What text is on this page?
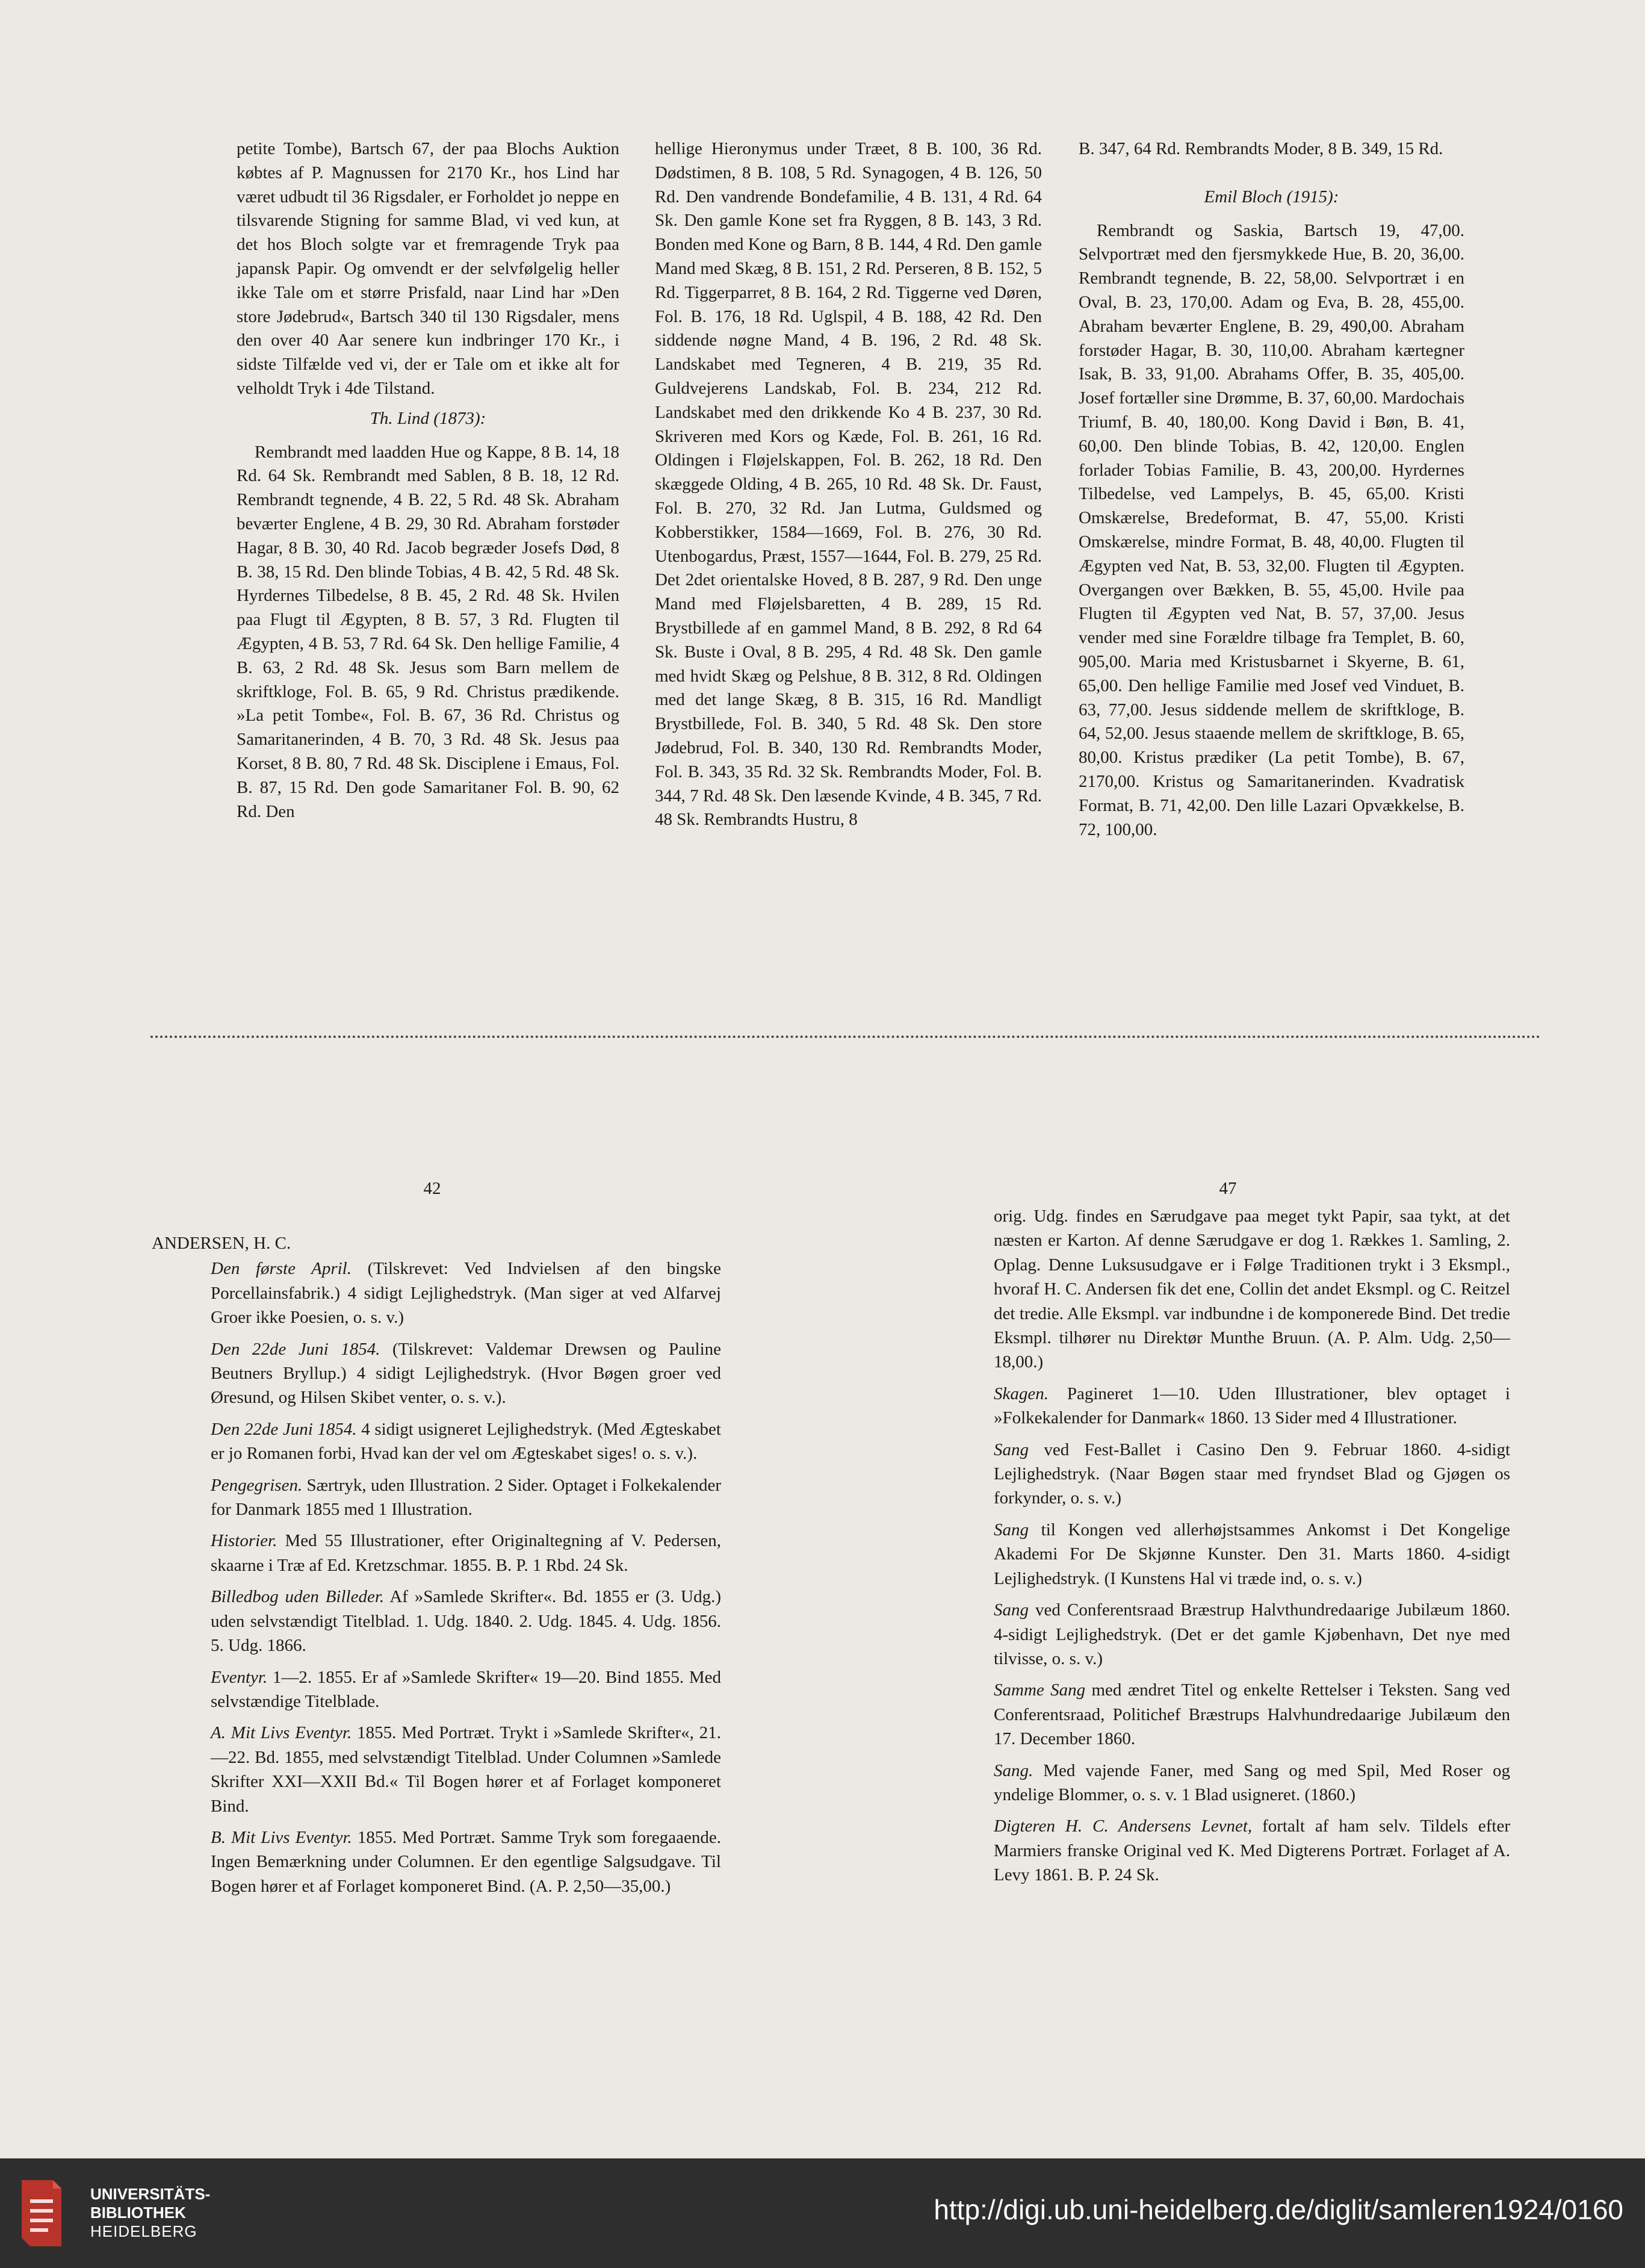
petite Tombe), Bartsch 67, der paa Blochs Auktion købtes af P. Magnussen for 2170 Kr., hos Lind har været udbudt til 36 Rigsdaler, er Forholdet jo neppe en tilsvarende Stigning for samme Blad, vi ved kun, at det hos Bloch solgte var et fremragende Tryk paa japansk Papir. Og omvendt er der selvfølgelig heller ikke Tale om et større Prisfald, naar Lind har »Den store Jødebrud«, Bartsch 340 til 130 Rigsdaler, mens den over 40 Aar senere kun indbringer 170 Kr., i sidste Tilfælde ved vi, der er Tale om et ikke alt for velholdt Tryk i 4de Tilstand.

Th. Lind (1873):

Rembrandt med laadden Hue og Kappe, 8 B. 14, 18 Rd. 64 Sk. Rembrandt med Sablen, 8 B. 18, 12 Rd. Rembrandt tegnende, 4 B. 22, 5 Rd. 48 Sk. Abraham beværter Englene, 4 B. 29, 30 Rd. Abraham forstøder Hagar, 8 B. 30, 40 Rd. Jacob begræder Josefs Død, 8 B. 38, 15 Rd. Den blinde Tobias, 4 B. 42, 5 Rd. 48 Sk. Hyrdernes Tilbedelse, 8 B. 45, 2 Rd. 48 Sk. Hvilen paa Flugt til Ægypten, 8 B. 57, 3 Rd. Flugten til Ægypten, 4 B. 53, 7 Rd. 64 Sk. Den hellige Familie, 4 B. 63, 2 Rd. 48 Sk. Jesus som Barn mellem de skriftkloge, Fol. B. 65, 9 Rd. Christus prædikende. »La petit Tombe«, Fol. B. 67, 36 Rd. Christus og Samaritanerinden, 4 B. 70, 3 Rd. 48 Sk. Jesus paa Korset, 8 B. 80, 7 Rd. 48 Sk. Disciplene i Emaus, Fol. B. 87, 15 Rd. Den gode Samaritaner Fol. B. 90, 62 Rd. Den

hellige Hieronymus under Træet, 8 B. 100, 36 Rd. Dødstimen, 8 B. 108, 5 Rd. Synagogen, 4 B. 126, 50 Rd. Den vandrende Bondefamilie, 4 B. 131, 4 Rd. 64 Sk. Den gamle Kone set fra Ryggen, 8 B. 143, 3 Rd. Bonden med Kone og Barn, 8 B. 144, 4 Rd. Den gamle Mand med Skæg, 8 B. 151, 2 Rd. Perseren, 8 B. 152, 5 Rd. Tiggerparret, 8 B. 164, 2 Rd. Tiggerne ved Døren, Fol. B. 176, 18 Rd. Uglspil, 4 B. 188, 42 Rd. Den siddende nøgne Mand, 4 B. 196, 2 Rd. 48 Sk. Landskabet med Tegneren, 4 B. 219, 35 Rd. Guldvejerens Landskab, Fol. B. 234, 212 Rd. Landskabet med den drikkende Ko 4 B. 237, 30 Rd. Skriveren med Kors og Kæde, Fol. B. 261, 16 Rd. Oldingen i Fløjelskappen, Fol. B. 262, 18 Rd. Den skæggede Olding, 4 B. 265, 10 Rd. 48 Sk. Dr. Faust, Fol. B. 270, 32 Rd. Jan Lutma, Guldsmed og Kobberstikker, 1584—1669, Fol. B. 276, 30 Rd. Utenbogardus, Præst, 1557—1644, Fol. B. 279, 25 Rd. Det 2det orientalske Hoved, 8 B. 287, 9 Rd. Den unge Mand med Fløjelsbaretten, 4 B. 289, 15 Rd. Brystbillede af en gammel Mand, 8 B. 292, 8 Rd 64 Sk. Buste i Oval, 8 B. 295, 4 Rd. 48 Sk. Den gamle med hvidt Skæg og Pelshue, 8 B. 312, 8 Rd. Oldingen med det lange Skæg, 8 B. 315, 16 Rd. Mandligt Brystbillede, Fol. B. 340, 5 Rd. 48 Sk. Den store Jødebrud, Fol. B. 340, 130 Rd. Rembrandts Moder, Fol. B. 343, 35 Rd. 32 Sk. Rembrandts Moder, Fol. B. 344, 7 Rd. 48 Sk. Den læsende Kvinde, 4 B. 345, 7 Rd. 48 Sk. Rembrandts Hustru, 8

B. 347, 64 Rd. Rembrandts Moder, 8 B. 349, 15 Rd.

Emil Bloch (1915):

Rembrandt og Saskia, Bartsch 19, 47,00. Selvportræt med den fjersmykkede Hue, B. 20, 36,00. Rembrandt tegnende, B. 22, 58,00. Selvportræt i en Oval, B. 23, 170,00. Adam og Eva, B. 28, 455,00. Abraham beværter Englene, B. 29, 490,00. Abraham forstøder Hagar, B. 30, 110,00. Abraham kærtegner Isak, B. 33, 91,00. Abrahams Offer, B. 35, 405,00. Josef fortæller sine Drømme, B. 37, 60,00. Mardochais Triumf, B. 40, 180,00. Kong David i Bøn, B. 41, 60,00. Den blinde Tobias, B. 42, 120,00. Englen forlader Tobias Familie, B. 43, 200,00. Hyrdernes Tilbedelse, ved Lampelys, B. 45, 65,00. Kristi Omskærelse, Bredeformat, B. 47, 55,00. Kristi Omskærelse, mindre Format, B. 48, 40,00. Flugten til Ægypten ved Nat, B. 53, 32,00. Flugten til Ægypten. Overgangen over Bækken, B. 55, 45,00. Hvile paa Flugten til Ægypten ved Nat, B. 57, 37,00. Jesus vender med sine Forældre tilbage fra Templet, B. 60, 905,00. Maria med Kristusbarnet i Skyerne, B. 61, 65,00. Den hellige Familie med Josef ved Vinduet, B. 63, 77,00. Jesus siddende mellem de skriftkloge, B. 64, 52,00. Jesus staaende mellem de skriftkloge, B. 65, 80,00. Kristus prædiker (La petit Tombe), B. 67, 2170,00. Kristus og Samaritanerinden. Kvadratisk Format, B. 71, 42,00. Den lille Lazari Opvækkelse, B. 72, 100,00.

42	47

ANDERSEN, H. C.

Den første April. (Tilskrevet: Ved Indvielsen af den bingske Porcellainsfabrik.) 4 sidigt Lejlighedstryk. (Man siger at ved Alfarvej Groer ikke Poesien, o. s. v.)

Den 22de Juni 1854. (Tilskrevet: Valdemar Drewsen og Pauline Beutners Bryllup.) 4 sidigt Lejlighedstryk. (Hvor Bøgen groer ved Øresund, og Hilsen Skibet venter, o. s. v.).

Den 22de Juni 1854. 4 sidigt usigneret Lejlighedstryk. (Med Ægteskabet er jo Romanen forbi, Hvad kan der vel om Ægteskabet siges! o. s. v.).

Pengegrisen. Særtryk, uden Illustration. 2 Sider. Optaget i Folkekalender for Danmark 1855 med 1 Illustration.

Historier. Med 55 Illustrationer, efter Originaltegning af V. Pedersen, skaarne i Træ af Ed. Kretzschmar. 1855. B. P. 1 Rbd. 24 Sk.

Billedbog uden Billeder. Af »Samlede Skrifter«. Bd. 1855 er (3. Udg.) uden selvstændigt Titelblad. 1. Udg. 1840. 2. Udg. 1845. 4. Udg. 1856. 5. Udg. 1866.

Eventyr. 1—2. 1855. Er af »Samlede Skrifter« 19—20. Bind 1855. Med selvstændige Titelblade.

A. Mit Livs Eventyr. 1855. Med Portræt. Trykt i »Samlede Skrifter«, 21.—22. Bd. 1855, med selvstændigt Titelblad. Under Columnen »Samlede Skrifter XXI—XXII Bd.« Til Bogen hører et af Forlaget komponeret Bind.

B. Mit Livs Eventyr. 1855. Med Portræt. Samme Tryk som foregaaende. Ingen Bemærkning under Columnen. Er den egentlige Salgsudgave. Til Bogen hører et af Forlaget komponeret Bind. (A. P. 2,50—35,00.)

orig. Udg. findes en Særudgave paa meget tykt Papir, saa tykt, at det næsten er Karton. Af denne Særudgave er dog 1. Rækkes 1. Samling, 2. Oplag. Denne Luksusudgave er i Følge Traditionen trykt i 3 Eksmpl., hvoraf H. C. Andersen fik det ene, Collin det andet Eksmpl. og C. Reitzel det tredie. Alle Eksmpl. var indbundne i de komponerede Bind. Det tredie Eksmpl. tilhører nu Direktør Munthe Bruun. (A. P. Alm. Udg. 2,50—18,00.)

Skagen. Pagineret 1—10. Uden Illustrationer, blev optaget i »Folkekalender for Danmark« 1860. 13 Sider med 4 Illustrationer.

Sang ved Fest-Ballet i Casino Den 9. Februar 1860. 4-sidigt Lejlighedstryk. (Naar Bøgen staar med fryndset Blad og Gjøgen os forkynder, o. s. v.)

Sang til Kongen ved allerhøjstsammes Ankomst i Det Kongelige Akademi For De Skjønne Kunster. Den 31. Marts 1860. 4-sidigt Lejlighedstryk. (I Kunstens Hal vi træde ind, o. s. v.)

Sang ved Conferentsraad Bræstrup Halvthundredaarige Jubilæum 1860. 4-sidigt Lejlighedstryk. (Det er det gamle Kjøbenhavn, Det nye med tilvisse, o. s. v.)

Samme Sang med ændret Titel og enkelte Rettelser i Teksten. Sang ved Conferentsraad, Politichef Bræstrups Halvhundredaarige Jubilæum den 17. December 1860.

Sang. Med vajende Faner, med Sang og med Spil, Med Roser og yndelige Blommer, o. s. v. 1 Blad usigneret. (1860.)

Digteren H. C. Andersens Levnet, fortalt af ham selv. Tildels efter Marmiers franske Original ved K. Med Digterens Portræt. Forlaget af A. Levy 1861. B. P. 24 Sk.

UNIVERSITÄTS-
BIBLIOTHEK
HEIDELBERG
http://digi.ub.uni-heidelberg.de/diglit/samleren1924/0160
